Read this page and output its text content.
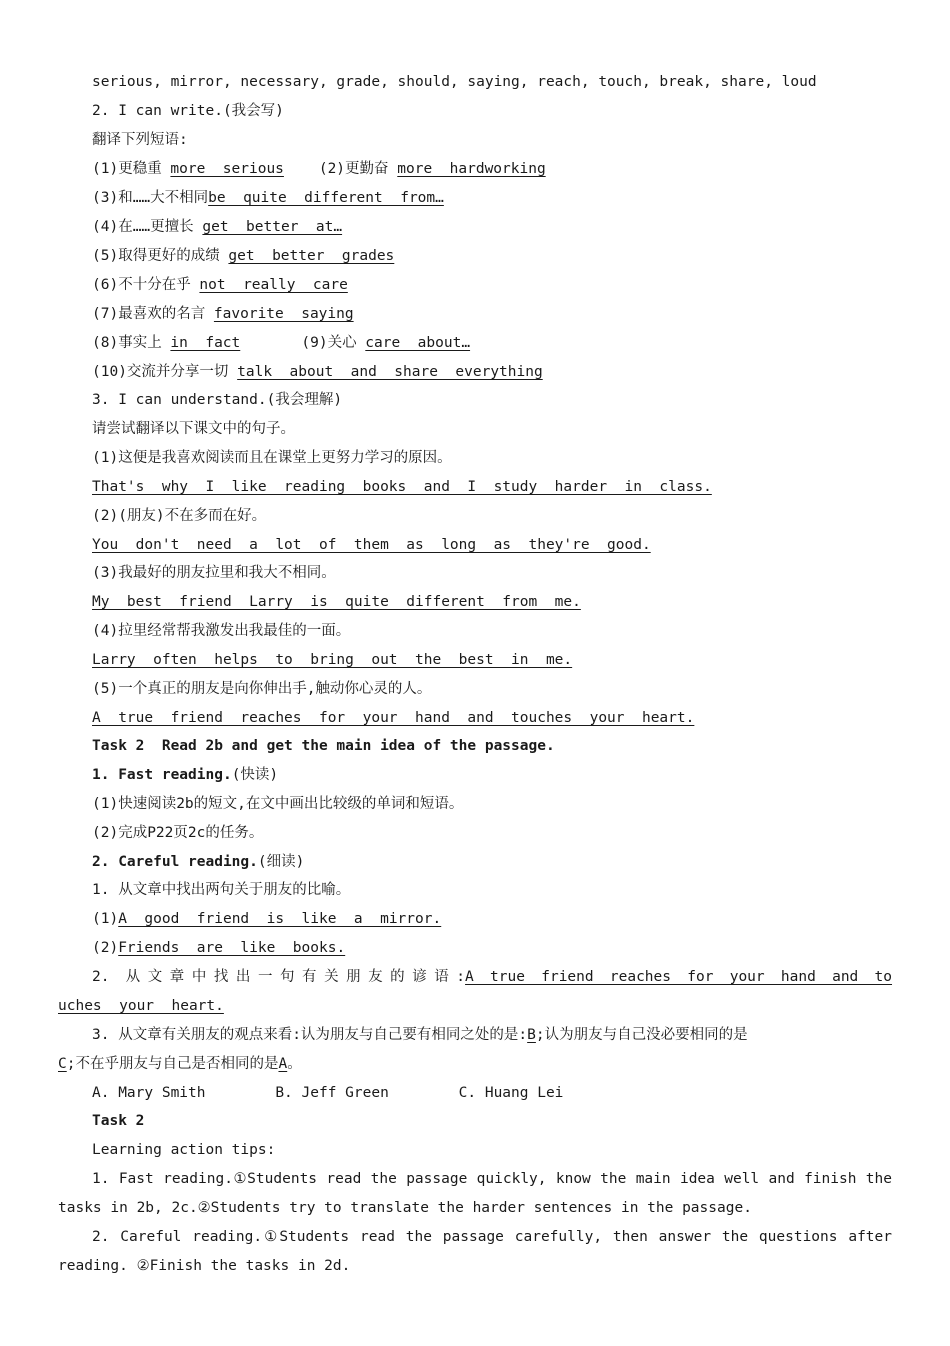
serious, mirror, necessary, grade, should, saying, reach, touch, break, share, loud
2. I can write.(我会写)
翻译下列短语:
(1)更稳重 more  serious    (2)更勤奋 more  hardworking
(3)和……大不相同be  quite  different  from…
(4)在……更擅长 get  better  at…
(5)取得更好的成绩 get  better  grades
(6)不十分在乎 not  really  care
(7)最喜欢的名言 favorite  saying
(8)事实上 in  fact       (9)关心 care  about…
(10)交流并分享一切 talk  about  and  share  everything
3. I can understand.(我会理解)
请尝试翻译以下课文中的句子。
(1)这便是我喜欢阅读而且在课堂上更努力学习的原因。
That's  why  I  like  reading  books  and  I  study  harder  in  class.
(2)(朋友)不在多而在好。
You  don't  need  a  lot  of  them  as  long  as  they're  good.
(3)我最好的朋友拉里和我大不相同。
My  best  friend  Larry  is  quite  different  from  me.
(4)拉里经常帮我激发出我最佳的一面。
Larry  often  helps  to  bring  out  the  best  in  me.
(5)一个真正的朋友是向你伸出手,触动你心灵的人。
A  true  friend  reaches  for  your  hand  and  touches  your  heart.
Task 2  Read 2b and get the main idea of the passage.
1. Fast reading.(快读)
(1)快速阅读2b的短文,在文中画出比较级的单词和短语。
(2)完成P22页2c的任务。
2. Careful reading.(细读)
1. 从文章中找出两句关于朋友的比喻。
(1)A  good  friend  is  like  a  mirror.
(2)Friends  are  like  books.
2. 从文章中找出一句有关朋友的谚语:A true friend reaches for your hand and to
uches  your  heart.
3. 从文章有关朋友的观点来看:认为朋友与自己要有相同之处的是:B;认为朋友与自己没必要相同的是
C;不在乎朋友与自己是否相同的是A。
A. Mary Smith        B. Jeff Green        C. Huang Lei
Task 2
Learning action tips:
1. Fast reading.①Students read the passage quickly, know the main idea well and finish the
tasks in 2b, 2c.②Students try to translate the harder sentences in the passage.
2. Careful reading.①Students read the passage carefully, then answer the questions after
reading. ②Finish the tasks in 2d.
